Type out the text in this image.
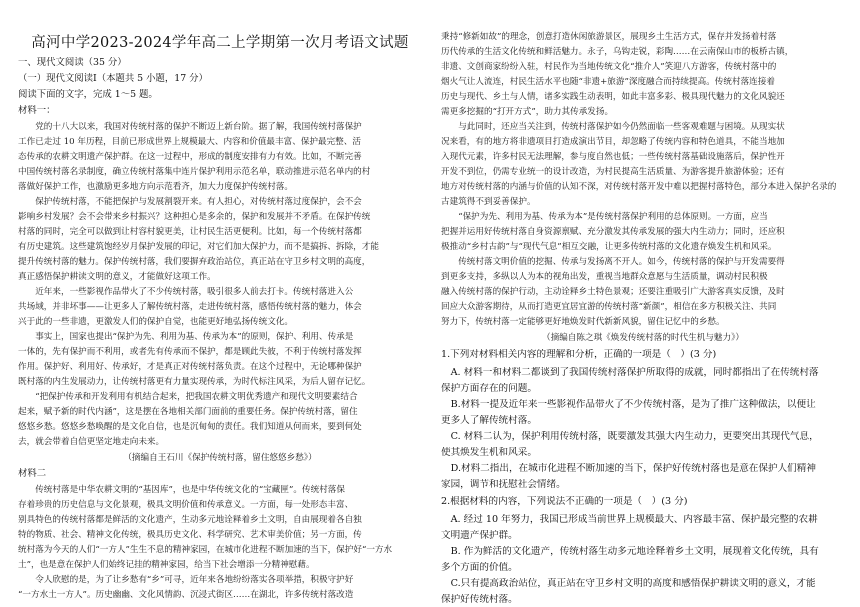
高河中学2023-2024学年高二上学期第一次月考语文试题
一、现代文阅读（35 分）
（一）现代文阅读Ⅰ（本题共 5 小题，17 分）
阅读下面的文字，完成 1～5 题。
材料一：
　　党的十八大以来，我国对传统村落的保护不断迈上新台阶。据了解，我国传统村落保护
工作已走过 10 年历程，目前已形成世界上规模最大、内容和价值最丰富、保护最完整、活
态传承的农耕文明遗产保护群。在这一过程中，形成的制度安排有力有效。比如，不断完善
中国传统村落名录制度，确立传统村落集中连片保护利用示范名单，联动推进示范名单内的村
落做好保护工作，也激励更多地方向示范看齐，加大力度保护传统村落。
　　保护传统村落，不能把保护与发展割裂开来。有人担心，对传统村落过度保护，会不会
影响乡村发展？会不会带来乡村振兴？这种担心是多余的，保护和发展并不矛盾。在保护传统
村落的同时，完全可以做到让村容村貌更美，让村民生活更便利。比如，每一个传统村落都
有历史建筑。这些建筑饱经岁月保护发展的印记，对它们加大保护力，而不是搞拆、拆除，才能
提升传统村落的魅力。保护传统村落，我们要摒弃政治站位，真正站在守卫乡村文明的高度，
真正感悟保护耕读文明的意义，才能做好这项工作。
　　近年来，一些影视作品带火了不少传统村落，吸引很多人前去打卡。传统村落进入公
共场域，并非坏事——让更多人了解传统村落，走进传统村落，感悟传统村落的魅力，体会
兴于此的一些非遗，更激发人们的保护自觉，也能更好地弘扬传统文化。
　　事实上，国家也提出“保护为先、利用为基、传承为本”的原则，保护、利用、传承是
一体的，先有保护而不利用，或者先有传承而不保护，都是顾此失彼，不利于传统村落发挥
作用。保护好、利用好、传承好，才是真正对传统村落负责。在这个过程中，无论哪种保护
既村落的内生发展动力，让传统村落更有力量实现传承，为时代标注风采，为后人留存记忆。
　　“把保护传承和开发利用有机结合起来，把我国农耕文明优秀遗产和现代文明要素结合
起来，赋予新的时代内涵”，这是摆在各地相关部门面前的重要任务。保护传统村落，留住
悠悠乡愁。悠悠乡愁唤醒的是文化自信，也是沉甸甸的责任。我们知道从何而来，要到何处
去，就会带着自信更坚定地走向未来。
（摘编自王石川《保护传统村落，留住悠悠乡愁》）
材料二
　　传统村落是中华农耕文明的“基因库”，也是中华传统文化的“宝藏匣”。传统村落保
存着珍贵的历史信息与文化景观，极具文明价值和传承意义。一方面，每一处形态丰富、
别具特色的传统村落都是鲜活的文化遗产，生动多元地诠释着乡土文明，自由展现着各自独
特的物质、社会、精神文化传统，极具历史文化、科学研究、艺术审美价值；另一方面，传
统村落为今天的人们“一方人”生生不息的精神家园，在城市化进程不断加速的当下，保护好“一方水
土”，也是意在保护人们始终记挂的精神家园，给当下社会增添一分精神慰藉。
　　令人欣慰的是，为了让乡愁有“乡”可寻，近年来各地纷纷落实各项举措，积极守护好
“一方水土一方人”。历史幽幽、文化风情韵、沉浸式街区……在湖北，许多传统村落改造
秉持“修新如故”的理念，创意打造休闲旅游景区，展现乡土生活方式，保存并发扬着村落
历代传承的生活文化传统和鲜活魅力。永子，乌钩走锐，彩陶……在云南保山市的板桥古镇，
非遗、文创商家纷纷入驻，村民作为当地传统文化“推介人”笑迎八方游客，传统村落中的
烟火气让人流连，村民生活水平也随“非遗+旅游”深度融合而持续提高。传统村落连接着
历史与现代、乡土与人情，诸多实践生动表明，如此丰富多彩、极具现代魅力的文化风貌还
需更多挖掘的“打开方式”，助力其传承发扬。
　　与此同时，还应当关注到，传统村落保护如今仍然面临一些客观难题与困境。从现实状
况来看，有的地方将非遗项目打造成演出节目，却忽略了传统内容和特色道具，不能当地加
入现代元素，许多村民无法理解，参与度自然也低；一些传统村落基础设施落后，保护性开
开发不到位，仍需专业统一的设计改造，为村民提高生活质量、为游客提升旅游体验；还有
地方对传统村落的内涵与价值的认知不深，对传统村落开发中难以把握村落特色，部分本进入保护名录的
古建筑得不到妥善保护。
　　“保护为先、利用为基、传承为本”是传统村落保护利用的总体原则。一方面，应当
把握并运用好传统村落自身资源禀赋、充分激发其传承发展的强大内生动力；同时，还应积
极推动“乡村古韵”与“现代气息”相互交融，让更多传统村落的文化遗存焕发生机和风采。
　　传统村落文明价值的挖掘、传承与发扬离不开人。如今，传统村落的保护与开发需要得
到更多支持，多纵以人为本的视角出发，重视当地群众意愿与生活质量，调动村民积极
融入传统村落的保护行动，主动诠释乡土特色景观；还要注重吸引广大游客真实反馈，及时
回应大众游客期待，从而打造更宜居宜游的传统村落“新颜”，相信在多方积极关注、共同
努力下，传统村落一定能够更好地焕发时代新新风貌，留住记忆中的乡愁。
（摘编自陈之琪《焕发传统村落的时代生机与魅力》）
1.下列对材料相关内容的理解和分析，正确的一项是（　）(3 分)
　A. 材料一和材料二都谈到了我国传统村落保护所取得的成就，同时都指出了在传统村落
保护方面存在的问题。
　B.材料一提及近年来一些影视作品带火了不少传统村落，是为了推广这种做法，以便让
更多人了解传统村落。
　C. 材料二认为，保护利用传统村落，既要激发其强大内生动力，更要突出其现代气息，
使其焕发生机和风采。
　D.材料二指出，在城市化进程不断加速的当下，保护好传统村落也是意在保护人们精神
家园，调节和抚慰社会情绪。
2.根据材料的内容，下列说法不正确的一项是（　）(3 分)
　A. 经过 10 年努力，我国已形成当前世界上规模最大、内容最丰富、保护最完整的农耕
文明遗产保护群。
　B. 作为鲜活的文化遗产，传统村落生动多元地诠释着乡土文明，展现着文化传统，具有
多个方面的价值。
　C.只有提高政治站位，真正站在守卫乡村文明的高度和感悟保护耕读文明的意义，才能
保护好传统村落。
